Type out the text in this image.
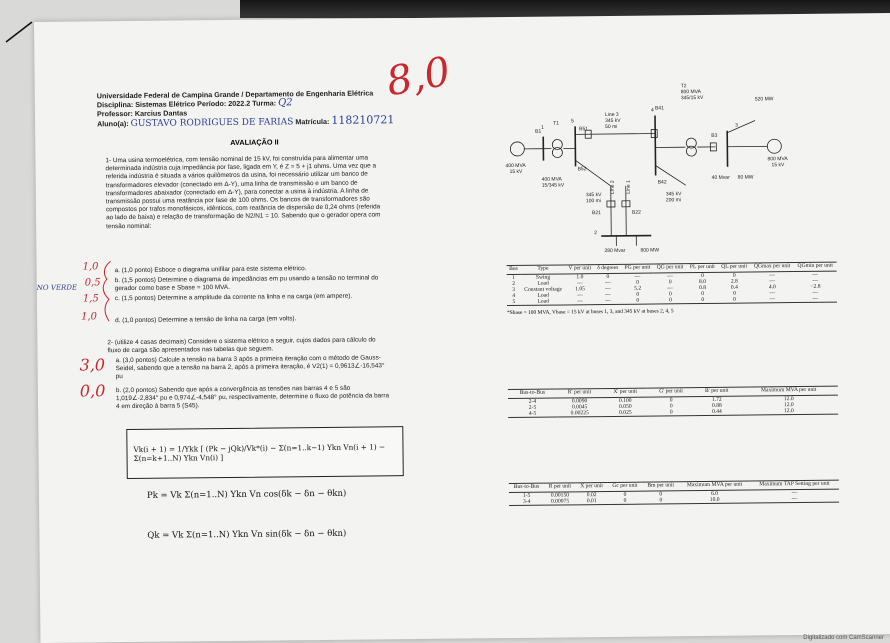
8,0
Universidade Federal de Campina Grande / Departamento de Engenharia Elétrica
Disciplina: Sistemas Elétrico Período: 2022.2 Turma: Q2
Professor: Karcius Dantas
Aluno(a): GUSTAVO RODRIGUES DE FARIAS Matrícula: 118210721
AVALIAÇÃO II
1- Uma usina termoelétrica, com tensão nominal de 15 kV, foi construída para alimentar uma determinada indústria cuja impedância por fase, ligada em Y, é Z = 5 + j1 ohms. Uma vez que a referida indústria é situada a vários quilômetros da usina, foi necessário utilizar um banco de transformadores elevador (conectado em Δ-Y), uma linha de transmissão e um banco de transformadores abaixador (conectado em Δ-Y), para conectar a usina à indústria. A linha de transmissão possui uma reatância por fase de 100 ohms. Os bancos de transformadores são compostos por trafos monofásicos, idênticos, com reatância de dispersão de 0,24 ohms (referida ao lado de baixa) e relação de transformação de N2/N1 = 10. Sabendo que o gerador opera com tensão nominal:
a. (1,0 ponto) Esboce o diagrama unifilar para este sistema elétrico.
b. (1,5 pontos) Determine o diagrama de impedâncias em pu usando a tensão no terminal do gerador como base e Sbase = 100 MVA.
c. (1,5 pontos) Determine a amplitude da corrente na linha e na carga (em ampere).
d. (1,0 pontos) Determine a tensão de linha na carga (em volts).
NO VERDE
1,0
0,5
1,5
1,0
2- (utilize 4 casas decimais) Considere o sistema elétrico a seguir, cujos dados para cálculo do fluxo de carga são apresentados nas tabelas que seguem.
a. (3,0 pontos) Calcule a tensão na barra 3 após a primeira iteração com o método de Gauss-Seidel, sabendo que a tensão na barra 2, após a primeira iteração, é V2(1) = 0,9613∠-16,543° pu
b. (2,0 pontos) Sabendo que após a convergência as tensões nas barras 4 e 5 são 1,019∠-2,834° pu e 0,974∠-4,548° pu, respectivamente, determine o fluxo de potência da barra 4 em direção à barra 5 (S45).
3,0
0,0
Vk(i + 1) = 1/Ykk [ (Pk − jQk)/Vk*(i) − Σ(n=1..k−1) Ykn Vn(i + 1) − Σ(n=k+1..N) Ykn Vn(i) ]
Pk = Vk Σ(n=1..N) Ykn Vn cos(δk − δn − θkn)
Qk = Vk Σ(n=1..N) Ykn Vn sin(δk − δn − θkn)
T2
800 MVA
345/15 kV	520 MW
T1
Line 3
345 kV
50 mi
B41
B1	B51
B3
800 MVA
15 kV
400 MVA
15 kV	B52
B42
400 MVA
15/345 kV
345 kV
100 mi
345 kV
200 mi
40 Mvar 80 MW
B21	B22
280 Mvar	800 MW
Line 2 Line 1
1
2
3
4
5
Bus	Type	V per unit	δ degrees	PG per unit	QG per unit	PL per unit	QL per unit	QGmax per unit	QGmin per unit
1	Swing	1.0	0	—	—	0	0	—	—
2	Load	—	—	0	0	8.0	2.8	—	—
3	Constant voltage	1.05	—	5.2	—	0.8	0.4	4.0	−2.8
4	Load	—	—	0	0	0	0	—	—
5	Load	—	—	0	0	0	0	—	—
*Sbase = 100 MVA, Vbase = 15 kV at buses 1, 3, and 345 kV at buses 2, 4, 5
Bus-to-Bus	R' per unit	X' per unit	G' per unit	B' per unit	Maximum MVA per unit
2-4	0.0090	0.100	0	1.72	12.0
2-5	0.0045	0.050	0	0.88	12.0
4-5	0.00225	0.025	0	0.44	12.0
Bus-to-Bus	R per unit	X per unit	Gc per unit	Bm per unit	Maximum MVA per unit	Maximum TAP Setting per unit
1-5	0.00150	0.02	0	0	6.0	—
3-4	0.00075	0.01	0	0	10.0	—
Digitalizado com CamScanner
